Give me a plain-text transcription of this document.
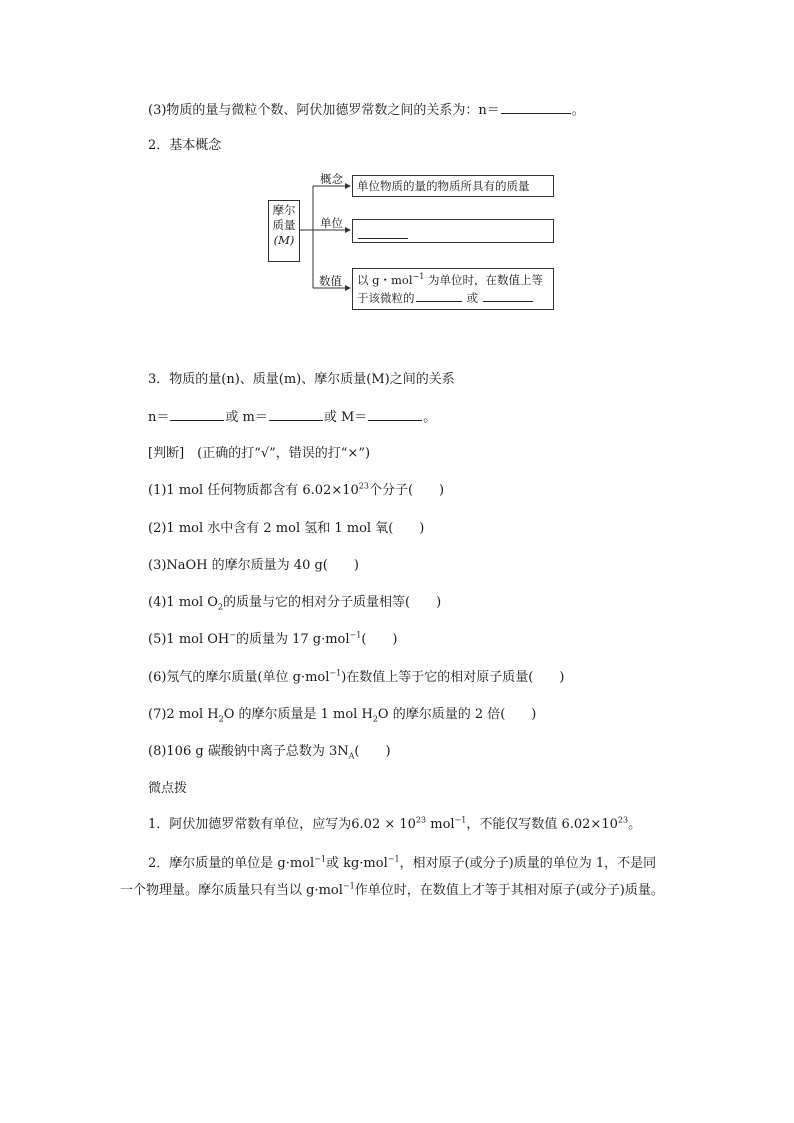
(3)物质的量与微粒个数、阿伏加德罗常数之间的关系为：n＝	。
2．基本概念
摩尔
质量
(M)
概念
单位
数值
单位物质的量的物质所具有的质量
以 g・mol$^{-1}$ 为单位时，在数值上等
于该微粒的	或
3．物质的量(n)、质量(m)、摩尔质量(M)之间的关系
n＝	或 m＝	或 M＝	。
[判断]　(正确的打“√”，错误的打“×”)
(1)1 mol 任何物质都含有 $6.02\times 10^{23}$个分子(　　)
(2)1 mol 水中含有 2 mol 氢和 1 mol 氧(　　)
(3)NaOH 的摩尔质量为 40 g(　　)
(4)1 mol $O_2$的质量与它的相对分子质量相等(　　)
(5)1 mol OH−的质量为 17 g·mol$^{-1}$(　　)
(6)氖气的摩尔质量(单位 g·mol$^{-1}$)在数值上等于它的相对原子质量(　　)
(7)2 mol $H_2O$ 的摩尔质量是 1 mol $H_2O$ 的摩尔质量的 2 倍(　　)
(8)106 g 碳酸钠中离子总数为 $3N_A$(　　)
微点拨
1．阿伏加德罗常数有单位，应写为$6.02 \times 10^{23}$ mol$^{-1}$，不能仅写数值 $6.02\times 10^{23}$。
2．摩尔质量的单位是 g·mol$^{-1}$或 kg·mol$^{-1}$，相对原子(或分子)质量的单位为 1，不是同一个物理量。摩尔质量只有当以 g·mol$^{-1}$作单位时，在数值上才等于其相对原子(或分子)质量。
